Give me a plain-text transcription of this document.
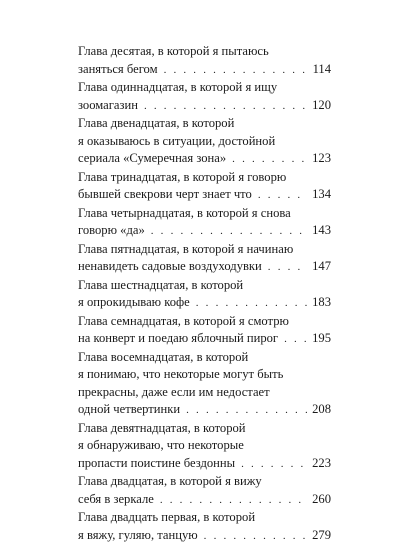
Глава десятая, в которой я пытаюсь
заняться бегом . . .	114
Глава одиннадцатая, в которой я ищу
зоомагазин . . .	120
Глава двенадцатая, в которой
я оказываюсь в ситуации, достойной
сериала «Сумеречная зона» . . .	123
Глава тринадцатая, в которой я говорю
бывшей свекрови черт знает что . . .	134
Глава четырнадцатая, в которой я снова
говорю «да» . . .	143
Глава пятнадцатая, в которой я начинаю
ненавидеть садовые воздуходувки . . .	147
Глава шестнадцатая, в которой
я опрокидываю кофе . . .	183
Глава семнадцатая, в которой я смотрю
на конверт и поедаю яблочный пирог . . .	195
Глава восемнадцатая, в которой
я понимаю, что некоторые могут быть
прекрасны, даже если им недостает
одной четвертинки . . .	208
Глава девятнадцатая, в которой
я обнаруживаю, что некоторые
пропасти поистине бездонны . . .	223
Глава двадцатая, в которой я вижу
себя в зеркале . . .	260
Глава двадцать первая, в которой
я вяжу, гуляю, танцую . . .	279
